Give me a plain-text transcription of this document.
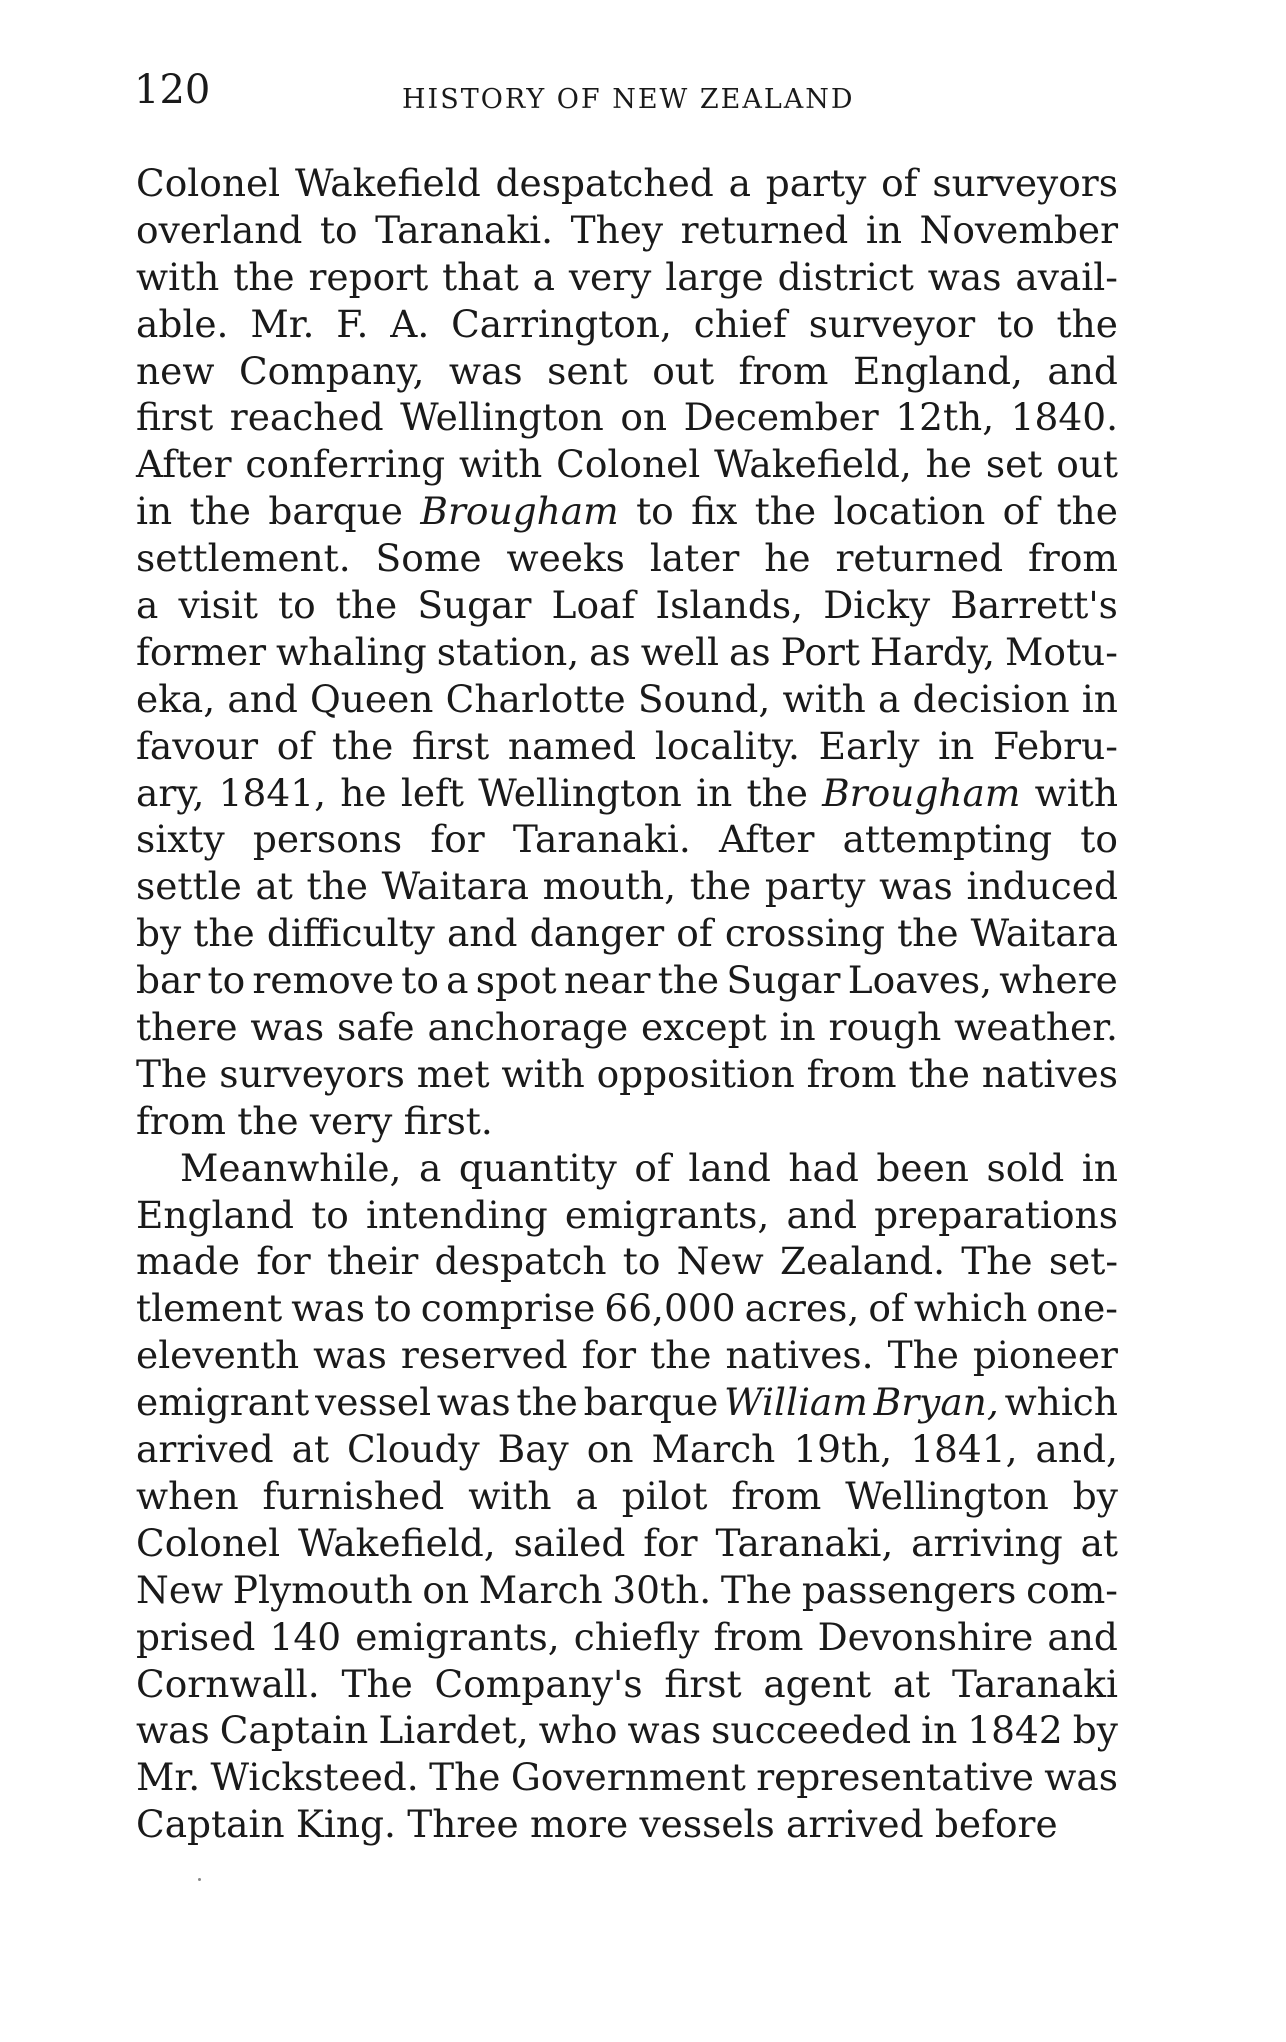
120	HISTORY OF NEW ZEALAND
Colonel Wakefield despatched a party of surveyors
overland to Taranaki. They returned in November
with the report that a very large district was avail-
able. Mr. F. A. Carrington, chief surveyor to the
new Company, was sent out from England, and
first reached Wellington on December 12th, 1840.
After conferring with Colonel Wakefield, he set out
in the barque Brougham to fix the location of the
settlement. Some weeks later he returned from
a visit to the Sugar Loaf Islands, Dicky Barrett's
former whaling station, as well as Port Hardy, Motu-
eka, and Queen Charlotte Sound, with a decision in
favour of the first named locality. Early in Febru-
ary, 1841, he left Wellington in the Brougham with
sixty persons for Taranaki. After attempting to
settle at the Waitara mouth, the party was induced
by the difficulty and danger of crossing the Waitara
bar to remove to a spot near the Sugar Loaves, where
there was safe anchorage except in rough weather.
The surveyors met with opposition from the natives
from the very first.
Meanwhile, a quantity of land had been sold in
England to intending emigrants, and preparations
made for their despatch to New Zealand. The set-
tlement was to comprise 66,000 acres, of which one-
eleventh was reserved for the natives. The pioneer
emigrant vessel was the barque William Bryan, which
arrived at Cloudy Bay on March 19th, 1841, and,
when furnished with a pilot from Wellington by
Colonel Wakefield, sailed for Taranaki, arriving at
New Plymouth on March 30th. The passengers com-
prised 140 emigrants, chiefly from Devonshire and
Cornwall. The Company's first agent at Taranaki
was Captain Liardet, who was succeeded in 1842 by
Mr. Wicksteed. The Government representative was
Captain King. Three more vessels arrived before
